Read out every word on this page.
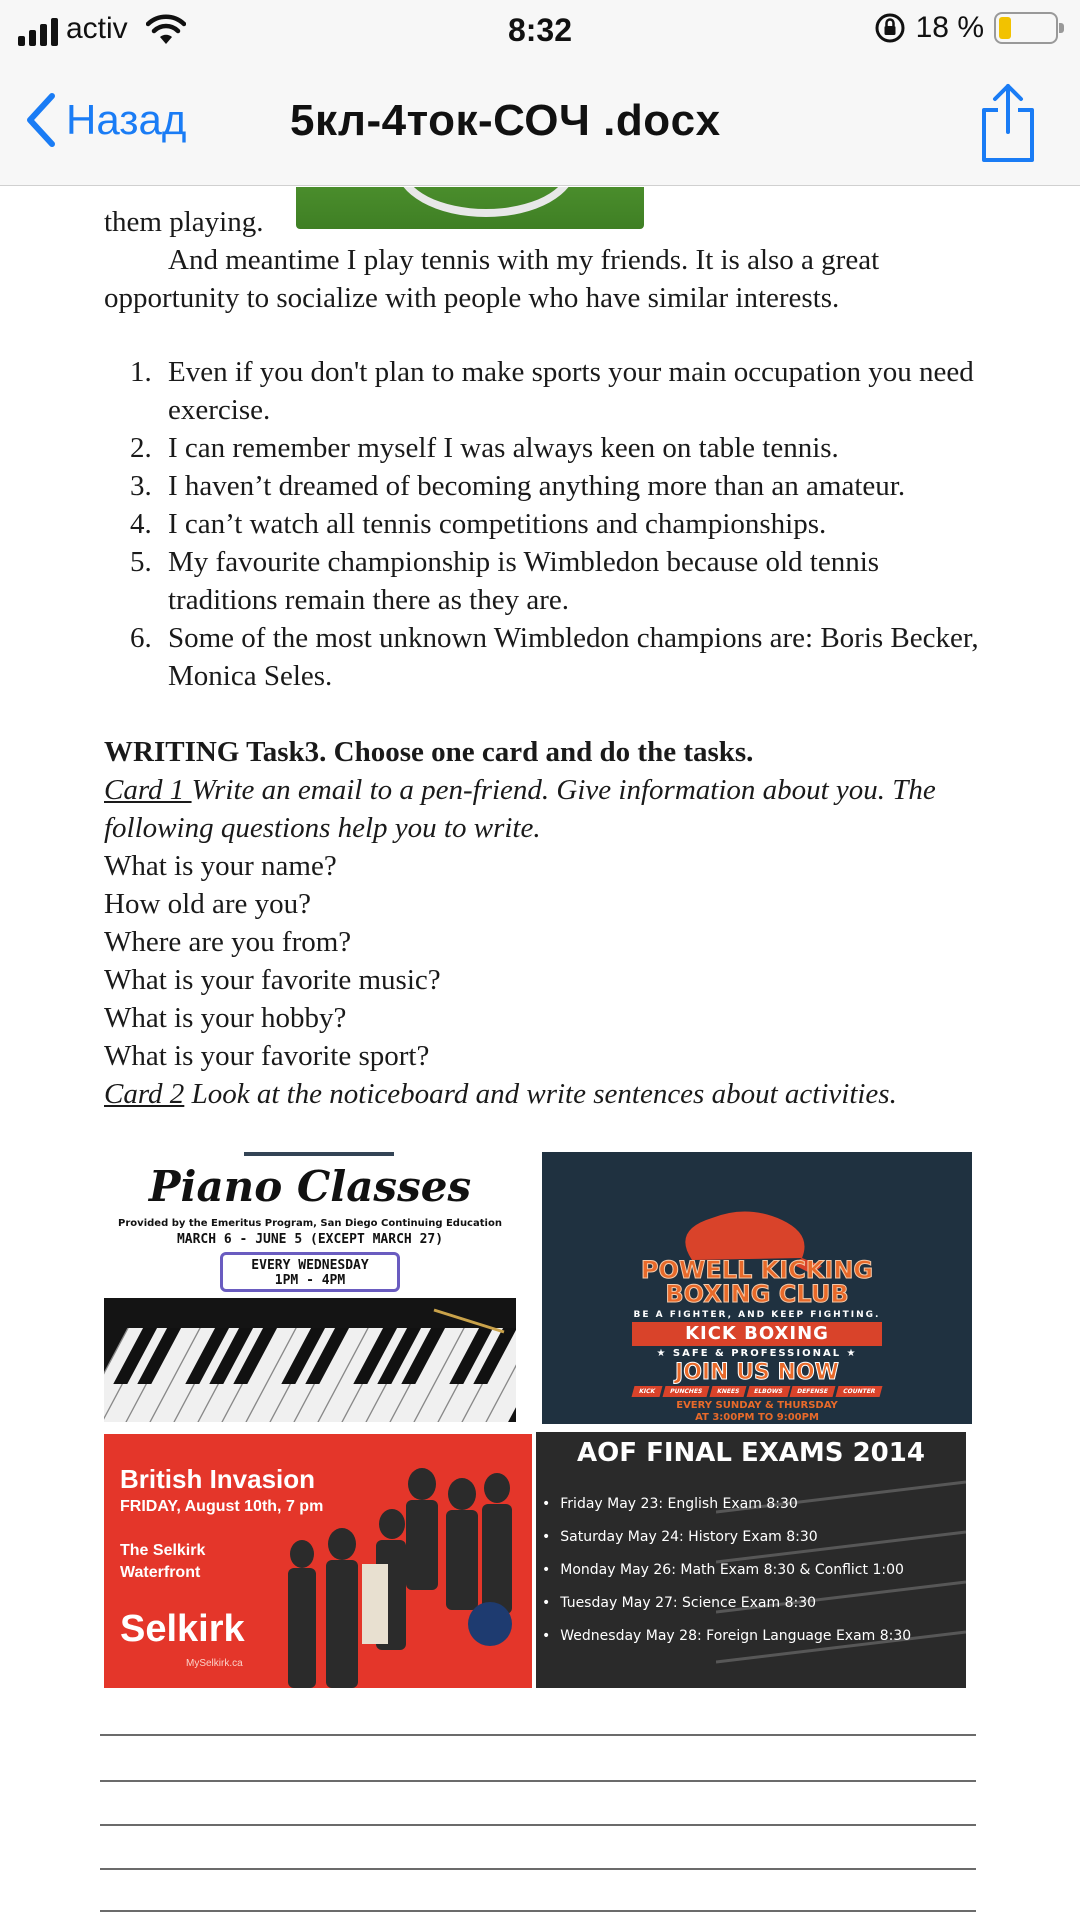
activ	8:32	18 %
Назад 5кл-4ток-СОЧ .docx
them playing.
And meantime I play tennis with my friends. It is also a great opportunity to socialize with people who have similar interests.
1. Even if you don't plan to make sports your main occupation you need exercise.
2. I can remember myself I was always keen on table tennis.
3. I haven’t dreamed of becoming anything more than an amateur.
4. I can’t watch all tennis competitions and championships.
5. My favourite championship is Wimbledon because old tennis traditions remain there as they are.
6. Some of the most unknown Wimbledon champions are: Boris Becker, Monica Seles.
WRITING Task3. Choose one card and do the tasks.
Card 1 Write an email to a pen-friend. Give information about you. The following questions help you to write.
What is your name?
How old are you?
Where are you from?
What is your favorite music?
What is your hobby?
What is your favorite sport?
Card 2 Look at the noticeboard and write sentences about activities.
Piano Classes
Provided by the Emeritus Program, San Diego Continuing Education
MARCH 6 - JUNE 5 (EXCEPT MARCH 27)
EVERY WEDNESDAY
1PM - 4PM	POWELL KICKING
BOXING CLUB
BE A FIGHTER, AND KEEP FIGHTING.
KICK BOXING
★ SAFE & PROFESSIONAL ★
JOIN US NOW
KICK	PUNCHES	KNEES	ELBOWS	DEFENSE	COUNTER
EVERY SUNDAY & THURSDAY
AT 3:00PM TO 9:00PM
British Invasion
FRIDAY, August 10th, 7 pm
The Selkirk Waterfront
Selkirk
MySelkirk.ca
AOF FINAL EXAMS 2014
• Friday May 23: English Exam 8:30
• Saturday May 24: History Exam 8:30
• Monday May 26: Math Exam 8:30 & Conflict 1:00
• Tuesday May 27: Science Exam 8:30
• Wednesday May 28: Foreign Language Exam 8:30
